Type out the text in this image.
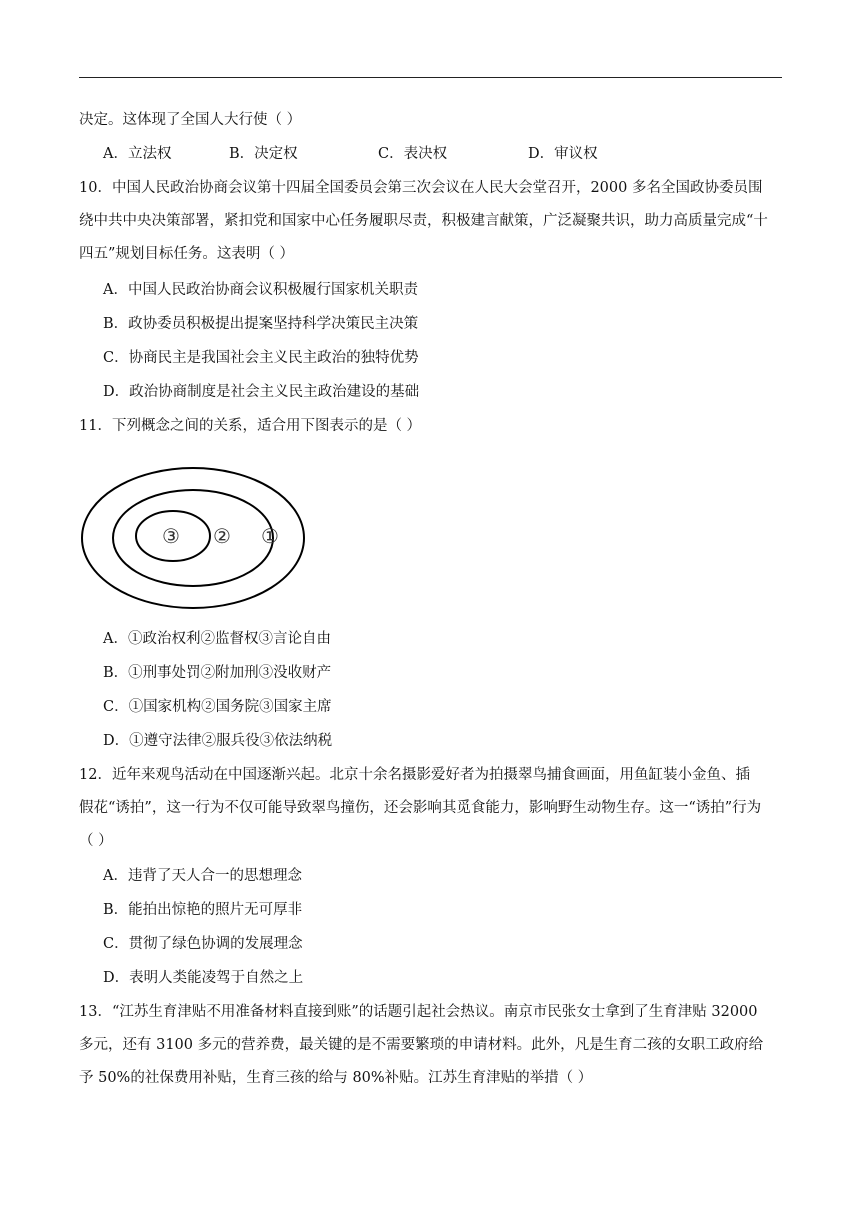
决定。这体现了全国人大行使（ ）
A．立法权	B．决定权	C．表决权	D．审议权
10．中国人民政治协商会议第十四届全国委员会第三次会议在人民大会堂召开，2000 多名全国政协委员围
绕中共中央决策部署，紧扣党和国家中心任务履职尽责，积极建言献策，广泛凝聚共识，助力高质量完成“十
四五”规划目标任务。这表明（ ）
A．中国人民政治协商会议积极履行国家机关职责
B．政协委员积极提出提案坚持科学决策民主决策
C．协商民主是我国社会主义民主政治的独特优势
D．政治协商制度是社会主义民主政治建设的基础
11．下列概念之间的关系，适合用下图表示的是（ ）
③ ② ①
A．①政治权利②监督权③言论自由
B．①刑事处罚②附加刑③没收财产
C．①国家机构②国务院③国家主席
D．①遵守法律②服兵役③依法纳税
12．近年来观鸟活动在中国逐渐兴起。北京十余名摄影爱好者为拍摄翠鸟捕食画面，用鱼缸装小金鱼、插
假花“诱拍”，这一行为不仅可能导致翠鸟撞伤，还会影响其觅食能力，影响野生动物生存。这一“诱拍”行为
（ ）
A．违背了天人合一的思想理念
B．能拍出惊艳的照片无可厚非
C．贯彻了绿色协调的发展理念
D．表明人类能凌驾于自然之上
13．“江苏生育津贴不用准备材料直接到账”的话题引起社会热议。南京市民张女士拿到了生育津贴 32000
多元，还有 3100 多元的营养费，最关键的是不需要繁琐的申请材料。此外，凡是生育二孩的女职工政府给
予 50%的社保费用补贴，生育三孩的给与 80%补贴。江苏生育津贴的举措（ ）
